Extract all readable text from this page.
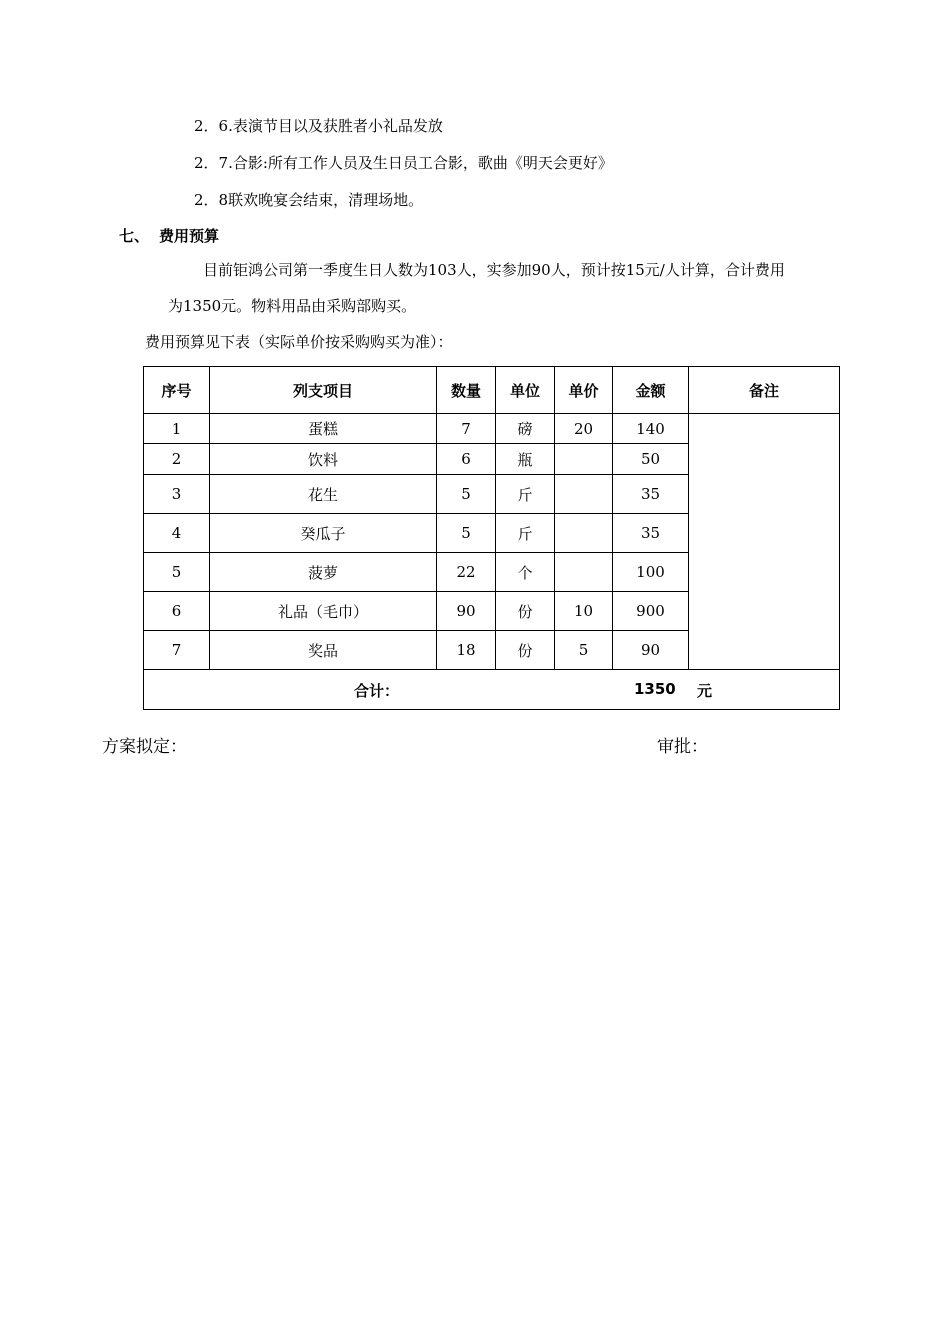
2．6.表演节目以及获胜者小礼品发放
2．7.合影:所有工作人员及生日员工合影，歌曲《明天会更好》
2．8联欢晚宴会结束，清理场地。
七、 费用预算
目前钜鸿公司第一季度生日人数为103人，实参加90人，预计按15元/人计算，合计费用
为1350元。物料用品由采购部购买。
费用预算见下表（实际单价按采购购买为准）：
序号	列支项目	数量	单位	单价	金额	备注
1	蛋糕	7	磅	20	140	
2	饮料	6	瓶		50	
3	花生	5	斤		35	
4	癸瓜子	5	斤		35	
5	菠萝	22	个		100	
6	礼品（毛巾）	90	份	10	900	
7	奖品	18	份	5	90	

合计： 1350 元						
方案拟定：	审批：
